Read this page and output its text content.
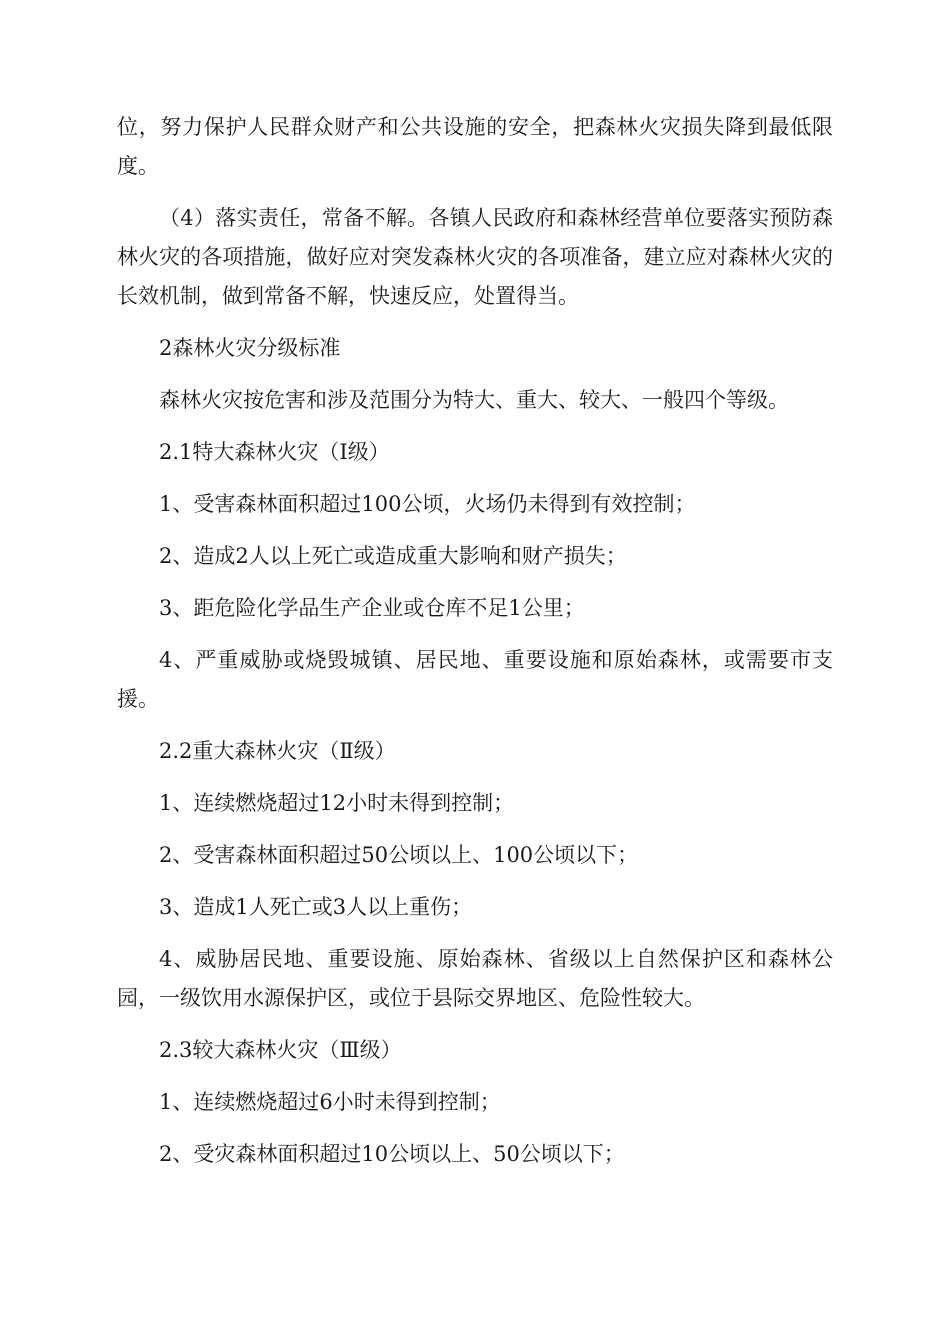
位，努力保护人民群众财产和公共设施的安全，把森林火灾损失降到最低限度。

（4）落实责任，常备不解。各镇人民政府和森林经营单位要落实预防森林火灾的各项措施，做好应对突发森林火灾的各项准备，建立应对森林火灾的长效机制，做到常备不解，快速反应，处置得当。

2森林火灾分级标准

森林火灾按危害和涉及范围分为特大、重大、较大、一般四个等级。

2.1特大森林火灾（Ⅰ级）

1、受害森林面积超过100公顷，火场仍未得到有效控制；

2、造成2人以上死亡或造成重大影响和财产损失；

3、距危险化学品生产企业或仓库不足1公里；

4、严重威胁或烧毁城镇、居民地、重要设施和原始森林，或需要市支援。

2.2重大森林火灾（Ⅱ级）

1、连续燃烧超过12小时未得到控制；

2、受害森林面积超过50公顷以上、100公顷以下；

3、造成1人死亡或3人以上重伤；

4、威胁居民地、重要设施、原始森林、省级以上自然保护区和森林公园，一级饮用水源保护区，或位于县际交界地区、危险性较大。

2.3较大森林火灾（Ⅲ级）

1、连续燃烧超过6小时未得到控制；

2、受灾森林面积超过10公顷以上、50公顷以下；
